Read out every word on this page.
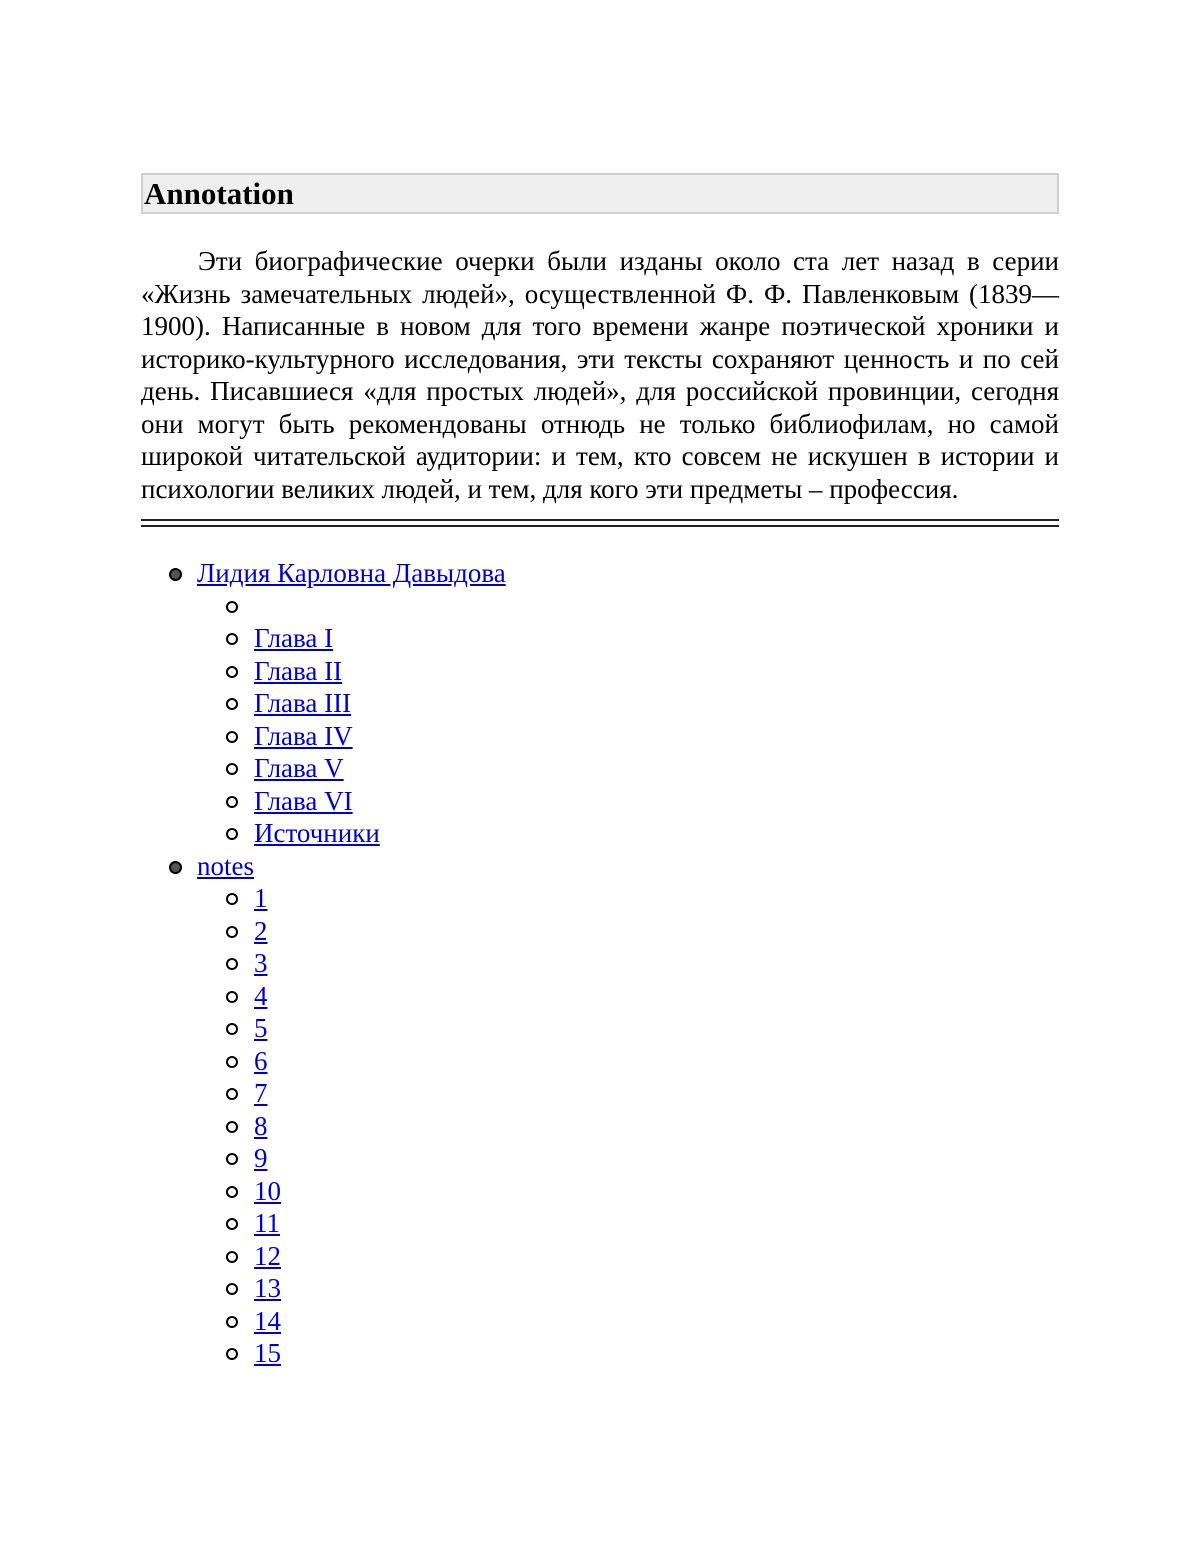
Annotation

Эти биографические очерки были изданы около ста лет назад в серии «Жизнь замечательных людей», осуществленной Ф. Ф. Павленковым (1839—1900). Написанные в новом для того времени жанре поэтической хроники и историко-культурного исследования, эти тексты сохраняют ценность и по сей день. Писавшиеся «для простых людей», для российской провинции, сегодня они могут быть рекомендованы отнюдь не только библиофилам, но самой широкой читательской аудитории: и тем, кто совсем не искушен в истории и психологии великих людей, и тем, для кого эти предметы – профессия.

Лидия Карловна Давыдова
Глава I
Глава II
Глава III
Глава IV
Глава V
Глава VI
Источники
notes
1
2
3
4
5
6
7
8
9
10
11
12
13
14
15
